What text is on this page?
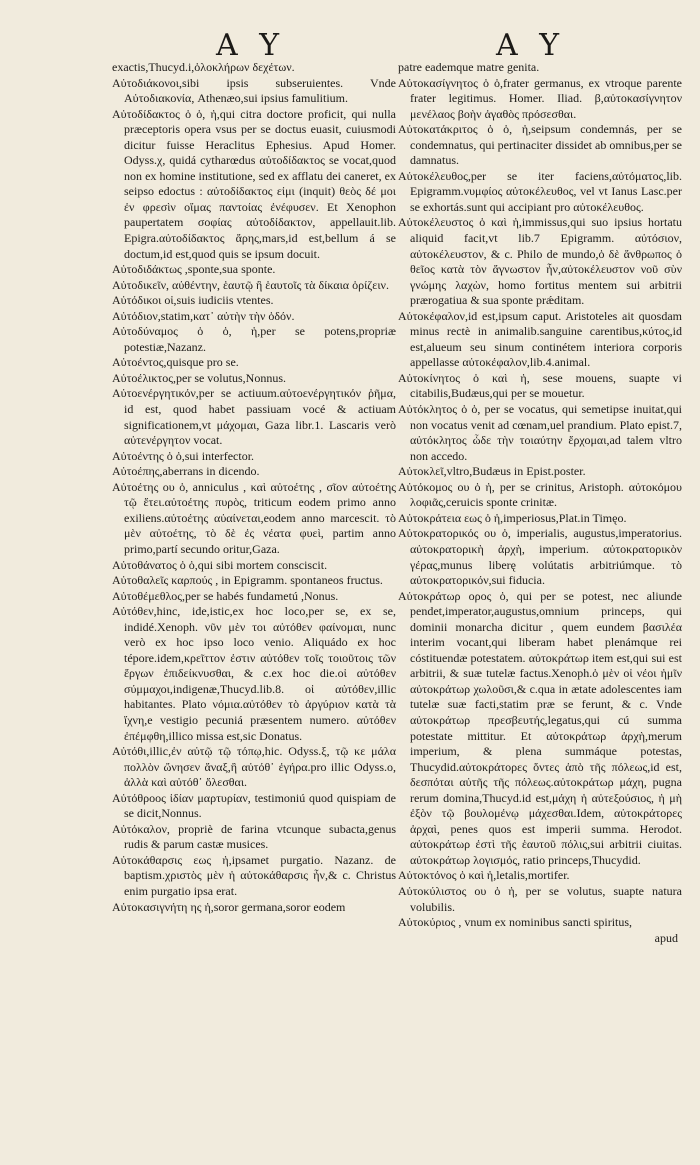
Α Υ	Α Υ

exactis,Thucyd.i,ὁλοκλήρων δεχέτων.

Αὐτοδιάκονοι,sibi ipsis subseruientes. Vnde Αὐτοδιακονία, Athenæo,sui ipsius famulitium.

Αὐτοδίδακτος ὁ ὁ, ἡ,qui citra doctore proficit, qui nulla præceptoris opera vsus per se doctus euasit, cuiusmodi dicitur fuisse Heraclitus Ephesius. Apud Homer. Odyss.χ, quidá cytharœdus αὐτοδίδακτος se vocat,quod non ex homine institutione, sed ex afflatu dei caneret, ex seipso edoctus : αὐτοδίδακτος εἰμι (inquit) θεὸς δέ μοι ἐν φρεσὶν οἴμας παντοίας ἐνέφυσεν. Et Xenophon paupertatem σοφίας αὐτοδίδακτον, appellauit.lib. Epigra.αὐτοδίδακτος ἄρης,mars,id est,bellum á se doctum,id est,quod quis se ipsum docuit.

Αὐτοδιδάκτως ,sponte,sua sponte.

Αὐτοδικεῖν, αὐθέντην, ἑαυτῷ ἢ ἑαυτοῖς τὰ δίκαια ὁρίζειν.

Αὐτόδικοι οἱ,suis iudiciis vtentes.

Αὐτόδιον,statim,κατ᾽ αὐτὴν τὴν ὁδόν.

Αὐτοδύναμος ὁ ὁ, ἡ,per se potens,propriæ potestiæ,Nazanz.

Αὐτοέντος,quisque pro se.

Αὐτοέλικτος,per se volutus,Nonnus.

Αὐτοενέργητικόν,per se actiuum.αὐτοενέργητικόν ῥῆμα, id est, quod habet passiuam vocé & actiuam significationem,vt μάχομαι, Gaza libr.1. Lascaris verò αὐτενέργητον vocat.

Αὐτοέντης ὁ ὁ,sui interfector.

Αὐτοέπης,aberrans in dicendo.

Αὐτοέτης ου ὁ, anniculus , καὶ αὐτοέτης , σῖον αὐτοέτης τῷ ἔτει.αὐτοέτης πυρὸς, triticum eodem primo anno exiliens.αὐτοέτης αὐαίνεται,eodem anno marcescit. τὸ μὲν αὐτοέτης, τὸ δὲ ἐς νέατα φυεὶ, partim anno primo,partí secundo oritur,Gaza.

Αὐτοθάνατος ὁ ὁ,qui sibi mortem consciscit.

Αὐτοθαλεῖς καρπούς , in Epigramm. spontaneos fructus.

Αὐτοθέμεθλος,per se habés fundametú ,Nonus.

Αὐτόθεν,hinc, ide,istic,ex hoc loco,per se, ex se, indidé.Xenoph. νῦν μὲν τοι αὐτόθεν φαίνομαι, nunc verò ex hoc ipso loco venio. Aliquádo ex hoc tépore.idem,κρεῖττον ἐστιν αὐτόθεν τοῖς τοιοῦτοις τῶν ἔργων ἐπιδείκνυσθαι, & c.ex hoc die.οἱ αὐτόθεν σύμμαχοι,indigenæ,Thucyd.lib.8. οἱ αὐτόθεν,illic habitantes. Plato νόμια.αὐτόθεν τὸ ἀργύριον κατὰ τὰ ἴχνη,e vestigio pecuniá præsentem numero. αὐτόθεν ἐπέμφθη,illico missa est,sic Donatus.

Αὐτόθι,illic,ἐν αὐτῷ τῷ τόπῳ,hic. Odyss.ξ, τῷ κε μάλα πολλὸν ὤνησεν ἄναξ,ἢ αὐτόθ᾽ ἐγήρα.pro illic Odyss.ο, ἀλλὰ καὶ αὐτόθ᾽ ὄλεσθαι.

Αὐτόθροος ἰδίαν μαρτυρίαν, testimoniú quod quispiam de se dicit,Nonnus.

Αὐτόκαλον, propriè de farina vtcunque subacta,genus rudis & parum castæ musices.

Αὐτοκάθαρσις εως ἡ,ipsamet purgatio. Nazanz. de baptism.χριστὸς μὲν ἡ αὐτοκάθαρσις ἦν,& c. Christus enim purgatio ipsa erat.

Αὐτοκασιγνήτη ης ἡ,soror germana,soror eodem

patre eademque matre genita.

Αὐτοκασίγνητος ὁ ὁ,frater germanus, ex vtroque parente frater legitimus. Homer. Iliad. β,αὐτοκασίγνητον μενέλαος βοὴν ἀγαθὸς πρόσεσθαι.

Αὐτοκατάκριτος ὁ ὁ, ἡ,seipsum condemnás, per se condemnatus, qui pertinaciter dissidet ab omnibus,per se damnatus.

Αὐτοκέλευθος,per se iter faciens,αὐτόματος,lib. Epigramm.νυμφίος αὐτοκέλευθος, vel vt Ianus Lasc.per se exhortás.sunt qui accipiant pro αὐτοκέλευθος.

Αὐτοκέλευστος ὁ καὶ ἡ,immissus,qui suo ipsius hortatu aliquid facit,vt lib.7 Epigramm. αὐτόσιον, αὐτοκέλευστον, & c. Philo de mundo,ὁ δὲ ἄνθρωπος ὁ θεῖος κατὰ τὸν ἄγνωστον ἦν,αὐτοκέλευστον νοῦ σὺν γνώμης λαχὼν, homo fortitus mentem sui arbitrii prærogatiua & sua sponte prǽditam.

Αὐτοκέφαλον,id est,ipsum caput. Aristoteles ait quosdam minus rectè in animalib.sanguine carentibus,κύτος,id est,alueum seu sinum continétem interiora corporis appellasse αὐτοκέφαλον,lib.4.animal.

Αὐτοκίνητος ὁ καὶ ἡ, sese mouens, suapte vi citabilis,Budæus,qui per se mouetur.

Αὐτόκλητος ὁ ὁ, per se vocatus, qui semetipse inuitat,qui non vocatus venit ad cœnam,uel prandium. Plato epist.7, αὐτόκλητος ὧδε τὴν τοιαύτην ἔρχομαι,ad talem vltro non accedo.

Αὐτοκλεῖ,vltro,Budæus in Epist.poster.

Αὐτόκομος ου ὁ ἡ, per se crinitus, Aristoph. αὐτοκόμου λοφιᾶς,ceruicis sponte crinitæ.

Αὐτοκράτεια εως ὁ ἡ,imperiosus,Plat.in Timęo.

Αὐτοκρατορικός ου ὁ, imperialis, augustus,imperatorius. αὐτοκρατορικὴ ἀρχὴ, imperium. αὐτοκρατορικὸν γέρας,munus liberę volútatis arbitriúmque. τὸ αὐτοκρατορικόν,sui fiducia.

Αὐτοκράτωρ ορος ὁ, qui per se potest, nec aliunde pendet,imperator,augustus,omnium princeps, qui dominii monarcha dicitur , quem eundem βασιλέα interim vocant,qui liberam habet plenámque rei cóstituendæ potestatem. αὐτοκράτωρ item est,qui sui est arbitrii, & suæ tutelæ factus.Xenoph.ὁ μὲν οἱ νέοι ἡμῖν αὐτοκράτωρ χωλοῦσι,& c.qua in ætate adolescentes iam tutelæ suæ facti,statim præ se ferunt, & c. Vnde αὐτοκράτωρ πρεσβευτής,legatus,qui cú summa potestate mittitur. Et αὐτοκράτωρ ἀρχὴ,merum imperium, & plena summáque potestas, Thucydid.αὐτοκράτορες ὄντες ἀπὸ τῆς πόλεως,id est, δεσπόται αὐτῆς τῆς πόλεως.αὐτοκράτωρ μάχη, pugna rerum domina,Thucyd.id est,μάχη ἡ αὐτεξούσιος, ἡ μὴ ἐξὸν τῷ βουλομένῳ μάχεσθαι.Idem, αὐτοκράτορες ἀρχαὶ, penes quos est imperii summa. Herodot. αὐτοκράτωρ ἐστὶ τῆς ἑαυτοῦ πόλις,sui arbitrii ciuitas. αὐτοκράτωρ λογισμός, ratio princeps,Thucydid.

Αὐτοκτόνος ὁ καὶ ἡ,letalis,mortifer.

Αὐτοκύλιστος ου ὁ ἡ, per se volutus, suapte natura volubilis.

Αὐτοκύριος , vnum ex nominibus sancti spiritus,

apud
